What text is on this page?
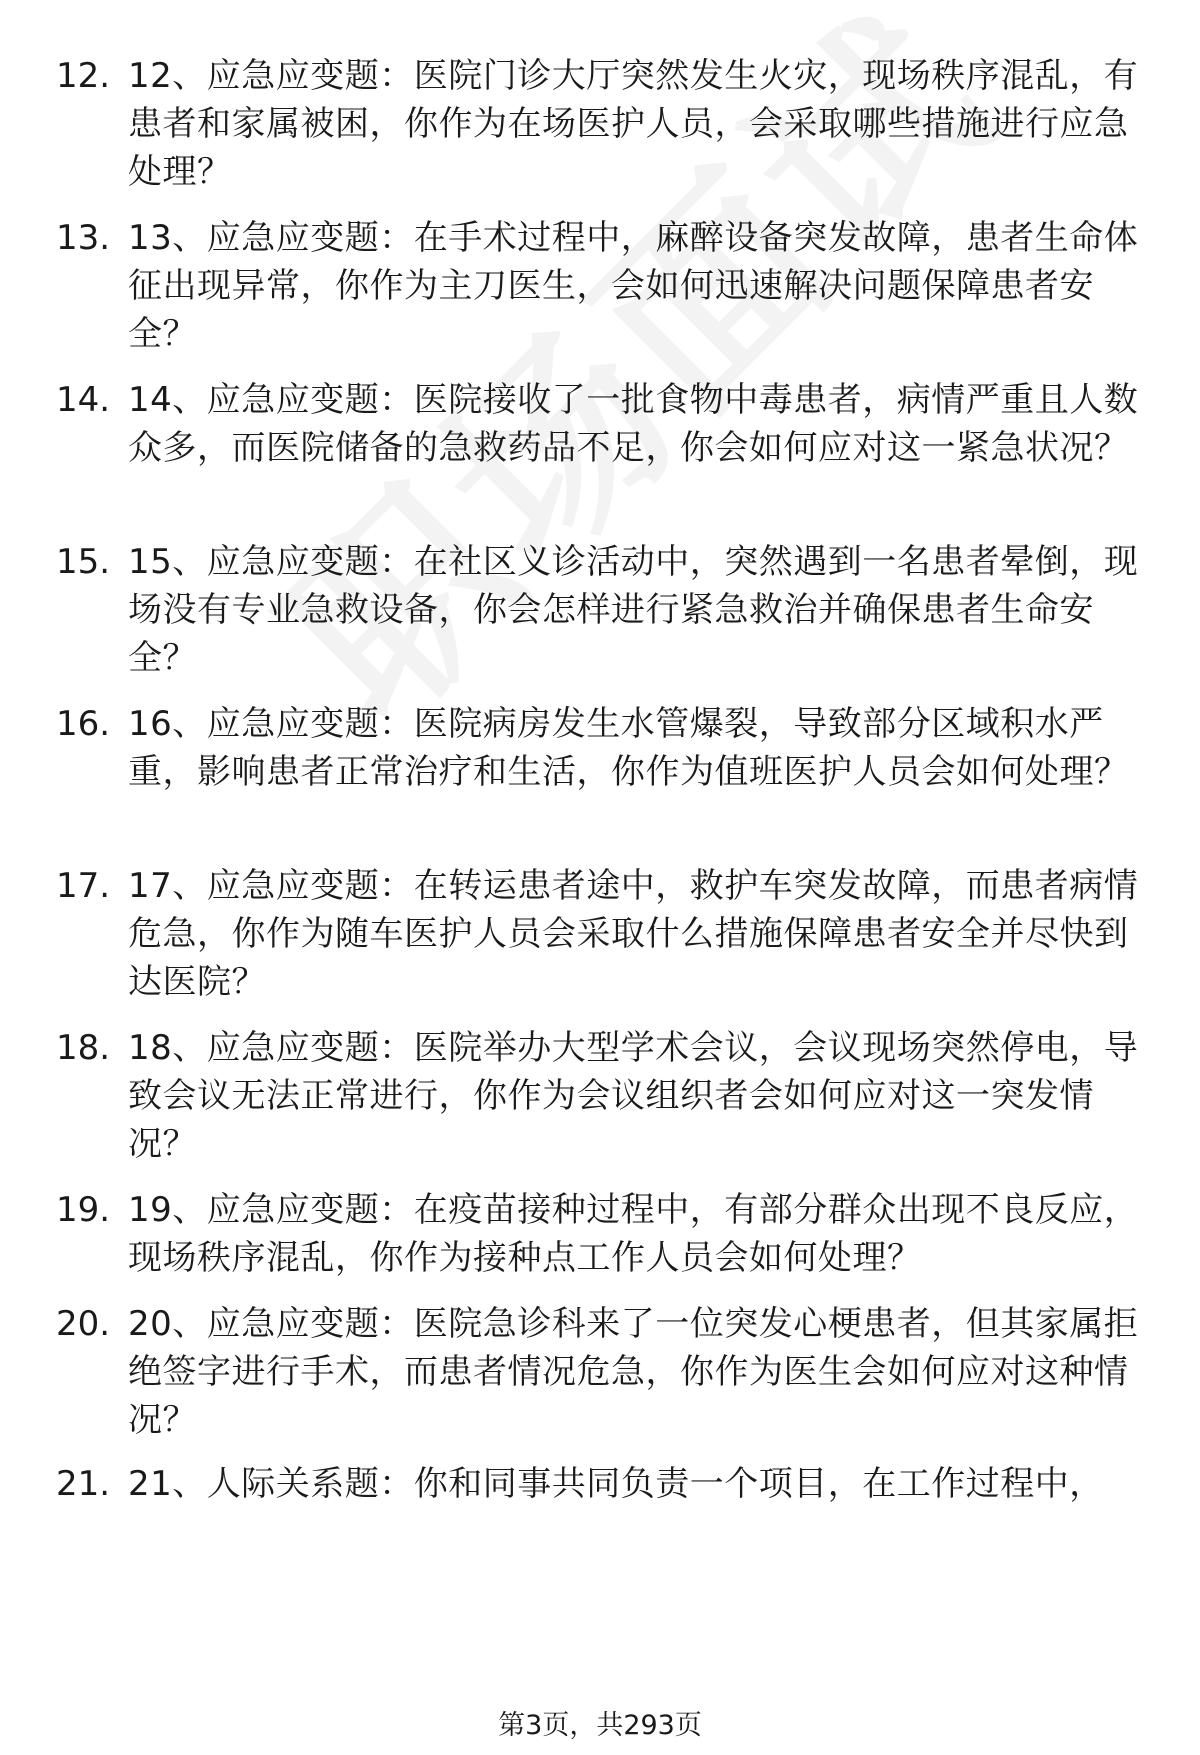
12. 12、应急应变题：医院门诊大厅突然发生火灾，现场秩序混乱，有患者和家属被困，你作为在场医护人员，会采取哪些措施进行应急处理？
13. 13、应急应变题：在手术过程中，麻醉设备突发故障，患者生命体征出现异常，你作为主刀医生，会如何迅速解决问题保障患者安全？
14. 14、应急应变题：医院接收了一批食物中毒患者，病情严重且人数众多，而医院储备的急救药品不足，你会如何应对这一紧急状况？
15. 15、应急应变题：在社区义诊活动中，突然遇到一名患者晕倒，现场没有专业急救设备，你会怎样进行紧急救治并确保患者生命安全？
16. 16、应急应变题：医院病房发生水管爆裂，导致部分区域积水严重，影响患者正常治疗和生活，你作为值班医护人员会如何处理？
17. 17、应急应变题：在转运患者途中，救护车突发故障，而患者病情危急，你作为随车医护人员会采取什么措施保障患者安全并尽快到达医院？
18. 18、应急应变题：医院举办大型学术会议，会议现场突然停电，导致会议无法正常进行，你作为会议组织者会如何应对这一突发情况？
19. 19、应急应变题：在疫苗接种过程中，有部分群众出现不良反应，现场秩序混乱，你作为接种点工作人员会如何处理？
20. 20、应急应变题：医院急诊科来了一位突发心梗患者，但其家属拒绝签字进行手术，而患者情况危急，你作为医生会如何应对这种情况？
21. 21、人际关系题：你和同事共同负责一个项目，在工作过程中，
第3页，共293页
